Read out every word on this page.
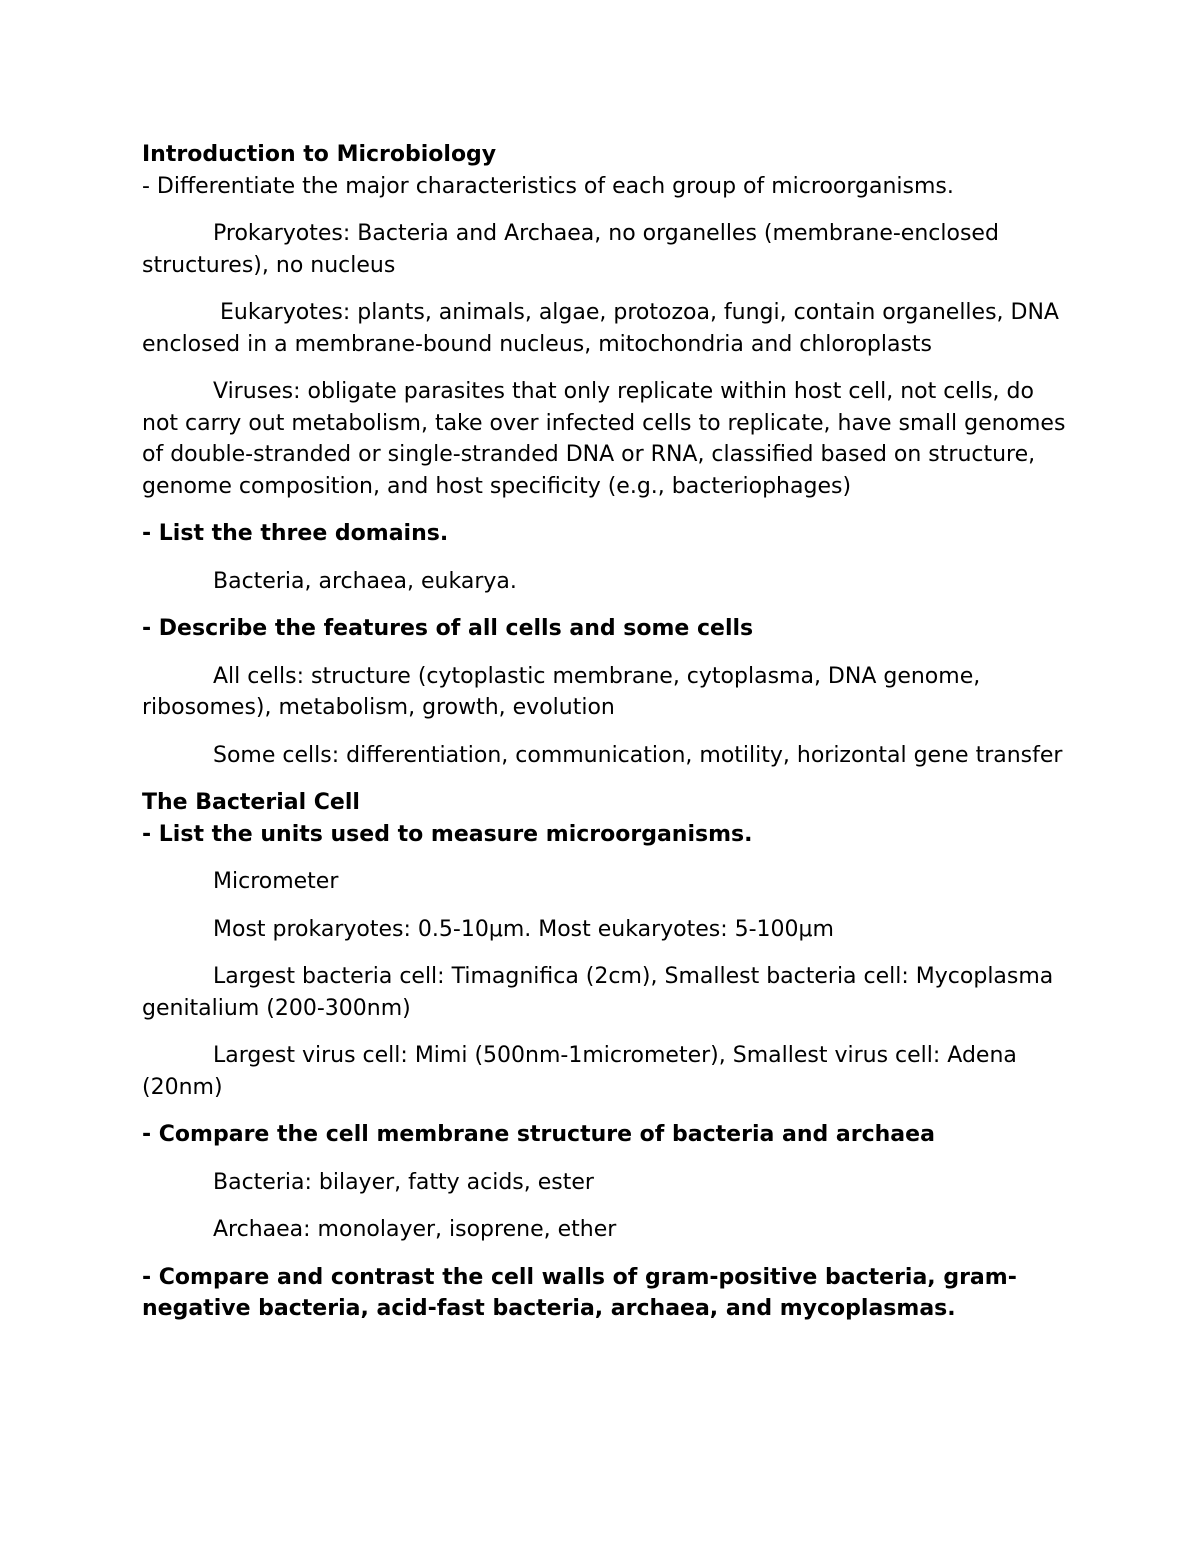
Introduction to Microbiology

- Differentiate the major characteristics of each group of microorganisms.

Prokaryotes: Bacteria and Archaea, no organelles (membrane-enclosed structures), no nucleus

Eukaryotes: plants, animals, algae, protozoa, fungi, contain organelles, DNA enclosed in a membrane-bound nucleus, mitochondria and chloroplasts

Viruses: obligate parasites that only replicate within host cell, not cells, do not carry out metabolism, take over infected cells to replicate, have small genomes of double-stranded or single-stranded DNA or RNA, classified based on structure, genome composition, and host specificity (e.g., bacteriophages)

- List the three domains.

Bacteria, archaea, eukarya.

- Describe the features of all cells and some cells

All cells: structure (cytoplastic membrane, cytoplasma, DNA genome, ribosomes), metabolism, growth, evolution

Some cells: differentiation, communication, motility, horizontal gene transfer

The Bacterial Cell

- List the units used to measure microorganisms.

Micrometer

Most prokaryotes: 0.5-10μm. Most eukaryotes: 5-100μm

Largest bacteria cell: Timagnifica (2cm), Smallest bacteria cell: Mycoplasma genitalium (200-300nm)

Largest virus cell: Mimi (500nm-1micrometer), Smallest virus cell: Adena (20nm)

- Compare the cell membrane structure of bacteria and archaea

Bacteria: bilayer, fatty acids, ester

Archaea: monolayer, isoprene, ether

- Compare and contrast the cell walls of gram-positive bacteria, gram-negative bacteria, acid-fast bacteria, archaea, and mycoplasmas.
